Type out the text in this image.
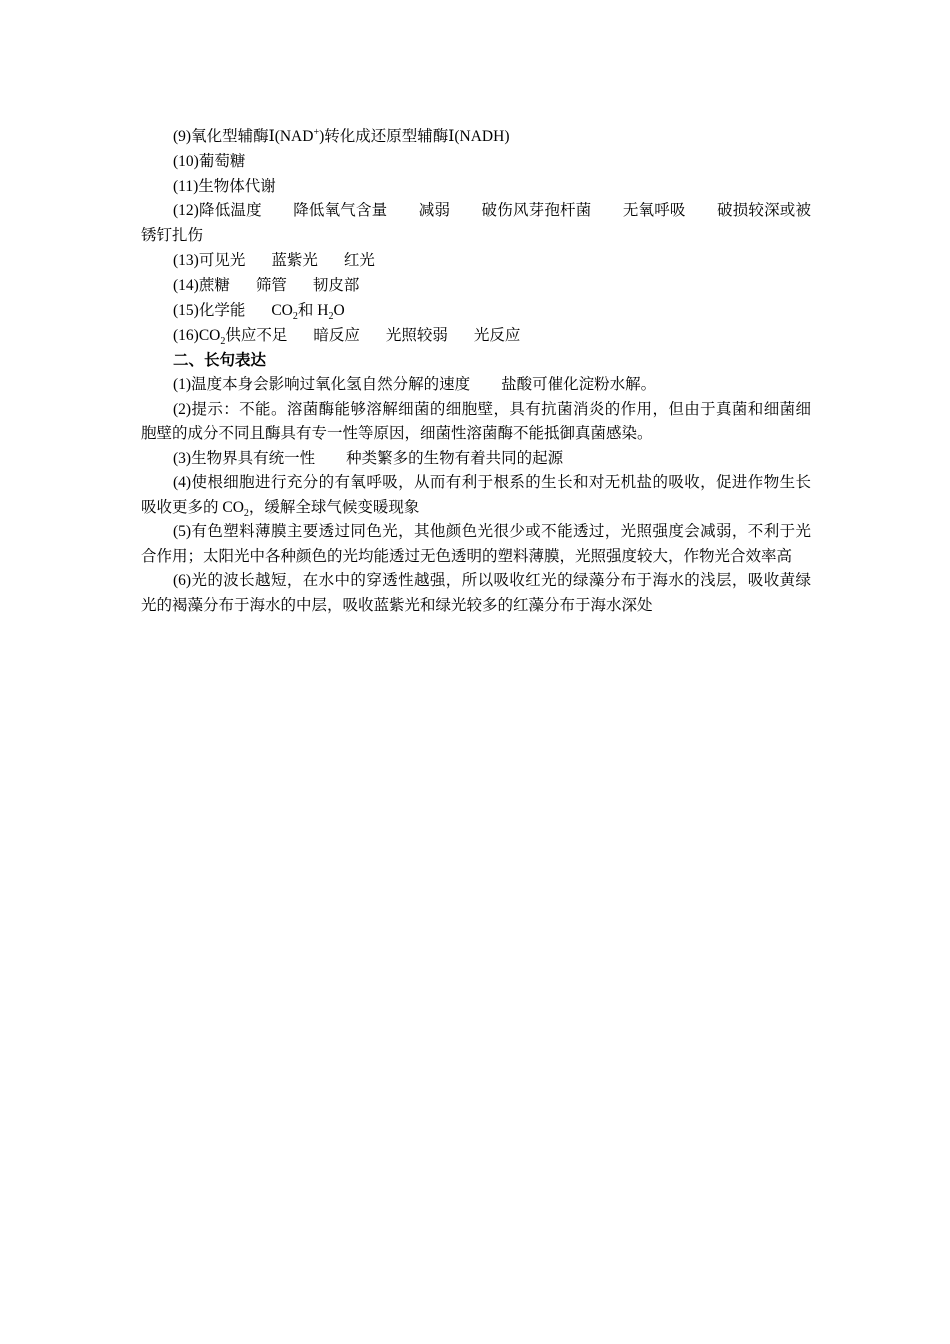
(9)氧化型辅酶Ⅰ(NAD+)转化成还原型辅酶Ⅰ(NADH)

(10)葡萄糖

(11)生物体代谢

(12)降低温度　　降低氧气含量　　减弱　　破伤风芽孢杆菌　　无氧呼吸　　破损较深或被锈钉扎伤

(13)可见光 蓝紫光 红光

(14)蔗糖 筛管 韧皮部

(15)化学能 $CO_2$和 $H_2O$

$(16)CO_2$供应不足 暗反应 光照较弱 光反应

二、长句表达

(1)温度本身会影响过氧化氢自然分解的速度　　盐酸可催化淀粉水解。

(2)提示：不能。溶菌酶能够溶解细菌的细胞壁，具有抗菌消炎的作用，但由于真菌和细菌细胞壁的成分不同且酶具有专一性等原因，细菌性溶菌酶不能抵御真菌感染。

(3)生物界具有统一性　　种类繁多的生物有着共同的起源

(4)使根细胞进行充分的有氧呼吸，从而有利于根系的生长和对无机盐的吸收，促进作物生长　　吸收更多的 $CO_2$，缓解全球气候变暖现象

(5)有色塑料薄膜主要透过同色光，其他颜色光很少或不能透过，光照强度会减弱，不利于光合作用；太阳光中各种颜色的光均能透过无色透明的塑料薄膜，光照强度较大，作物光合效率高

(6)光的波长越短，在水中的穿透性越强，所以吸收红光的绿藻分布于海水的浅层，吸收黄绿光的褐藻分布于海水的中层，吸收蓝紫光和绿光较多的红藻分布于海水深处
